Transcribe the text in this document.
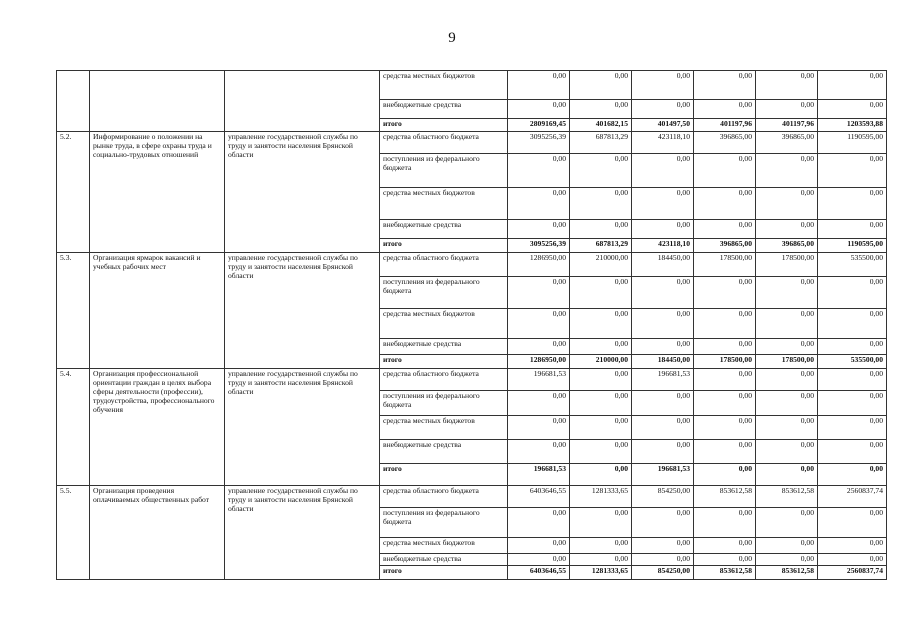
9
			средства местных бюджетов	0,00	0,00	0,00	0,00	0,00	0,00
			внебюджетные средства	0,00	0,00	0,00	0,00	0,00	0,00
			итого	2809169,45	401682,15	401497,50	401197,96	401197,96	1203593,88
5.2.	Информирование о положении на рынке труда, в сфере охраны труда и социально-трудовых отношений	управление государственной службы по труду и занятости населения Брянской области	средства областного бюджета	3095256,39	687813,29	423118,10	396865,00	396865,00	1190595,00
			поступления из федерального бюджета	0,00	0,00	0,00	0,00	0,00	0,00
			средства местных бюджетов	0,00	0,00	0,00	0,00	0,00	0,00
			внебюджетные средства	0,00	0,00	0,00	0,00	0,00	0,00
			итого	3095256,39	687813,29	423118,10	396865,00	396865,00	1190595,00
5.3.	Организация ярмарок вакансий и учебных рабочих мест	управление государственной службы по труду и занятости населения Брянской области	средства областного бюджета	1286950,00	210000,00	184450,00	178500,00	178500,00	535500,00
			поступления из федерального бюджета	0,00	0,00	0,00	0,00	0,00	0,00
			средства местных бюджетов	0,00	0,00	0,00	0,00	0,00	0,00
			внебюджетные средства	0,00	0,00	0,00	0,00	0,00	0,00
			итого	1286950,00	210000,00	184450,00	178500,00	178500,00	535500,00
5.4.	Организация профессиональной ориентации граждан в целях выбора сферы деятельности (профессии), трудоустройства, профессионального обучения	управление государственной службы по труду и занятости населения Брянской области	средства областного бюджета	196681,53	0,00	196681,53	0,00	0,00	0,00
			поступления из федерального бюджета	0,00	0,00	0,00	0,00	0,00	0,00
			средства местных бюджетов	0,00	0,00	0,00	0,00	0,00	0,00
			внебюджетные средства	0,00	0,00	0,00	0,00	0,00	0,00
			итого	196681,53	0,00	196681,53	0,00	0,00	0,00
5.5.	Организация проведения оплачиваемых общественных работ	управление государственной службы по труду и занятости населения Брянской области	средства областного бюджета	6403646,55	1281333,65	854250,00	853612,58	853612,58	2560837,74
			поступления из федерального бюджета	0,00	0,00	0,00	0,00	0,00	0,00
			средства местных бюджетов	0,00	0,00	0,00	0,00	0,00	0,00
			внебюджетные средства	0,00	0,00	0,00	0,00	0,00	0,00
			итого	6403646,55	1281333,65	854250,00	853612,58	853612,58	2560837,74
